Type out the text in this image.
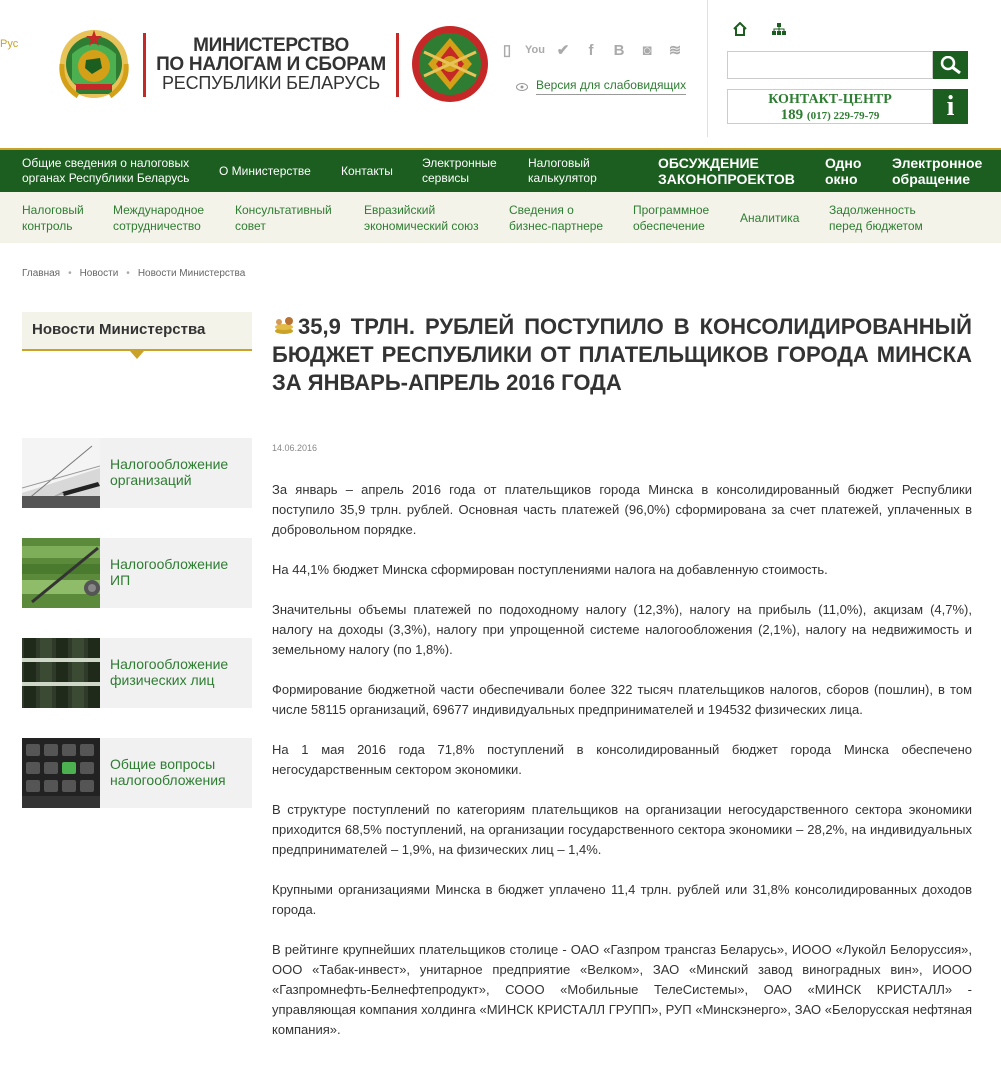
Рус	МИНИСТЕРСТВО
ПО НАЛОГАМ И СБОРАМ
РЕСПУБЛИКИ БЕЛАРУСЬ
▯	You ✔	f	B ◙ ≋
Версия для слабовидящих
КОНТАКТ-ЦЕНТР
189 (017) 229-79-79	i
Общие сведения о налоговых органах Республики Беларусь
О Министерстве	Контакты
Электронные сервисы
Налоговый калькулятор
ОБСУЖДЕНИЕ ЗАКОНОПРОЕКТОВ
Одно окно
Электронное обращение
Налоговый контроль
Международное сотрудничество
Консультативный совет
Евразийский экономический союз
Сведения о бизнес-партнере
Программное обеспечение
Аналитика
Задолженность перед бюджетом
Главная • Новости • Новости Министерства
Новости Министерства
Налогообложение организаций
Налогообложение ИП
Налогообложение физических лиц
Общие вопросы налогообложения
35,9 ТРЛН. РУБЛЕЙ ПОСТУПИЛО В КОНСОЛИДИРОВАННЫЙ БЮДЖЕТ РЕСПУБЛИКИ ОТ ПЛАТЕЛЬЩИКОВ ГОРОДА МИНСКА ЗА ЯНВАРЬ-АПРЕЛЬ 2016 ГОДА
14.06.2016

За январь – апрель 2016 года от плательщиков города Минска в консолидированный бюджет Республики поступило 35,9 трлн. рублей. Основная часть платежей (96,0%) сформирована за счет платежей, уплаченных в добровольном порядке.

На 44,1% бюджет Минска сформирован поступлениями налога на добавленную стоимость.

Значительны объемы платежей по подоходному налогу (12,3%), налогу на прибыль (11,0%), акцизам (4,7%), налогу на доходы (3,3%), налогу при упрощенной системе налогообложения (2,1%), налогу на недвижимость и земельному налогу (по 1,8%).

Формирование бюджетной части обеспечивали более 322 тысяч плательщиков налогов, сборов (пошлин), в том числе 58115 организаций, 69677 индивидуальных предпринимателей и 194532 физических лица.

На 1 мая 2016 года 71,8% поступлений в консолидированный бюджет города Минска обеспечено негосударственным сектором экономики.

В структуре поступлений по категориям плательщиков на организации негосударственного сектора экономики приходится 68,5% поступлений, на организации государственного сектора экономики – 28,2%, на индивидуальных предпринимателей – 1,9%, на физических лиц – 1,4%.

Крупными организациями Минска в бюджет уплачено 11,4 трлн. рублей или 31,8% консолидированных доходов города.

В рейтинге крупнейших плательщиков столице - ОАО «Газпром трансгаз Беларусь», ИООО «Лукойл Белоруссия», ООО «Табак-инвест», унитарное предприятие «Велком», ЗАО «Минский завод виноградных вин», ИООО «Газпромнефть-Белнефтепродукт», СООО «Мобильные ТелеСистемы», ОАО «МИНСК КРИСТАЛЛ» - управляющая компания холдинга «МИНСК КРИСТАЛЛ ГРУПП», РУП «Минскэнерго», ЗАО «Белорусская нефтяная компания».
